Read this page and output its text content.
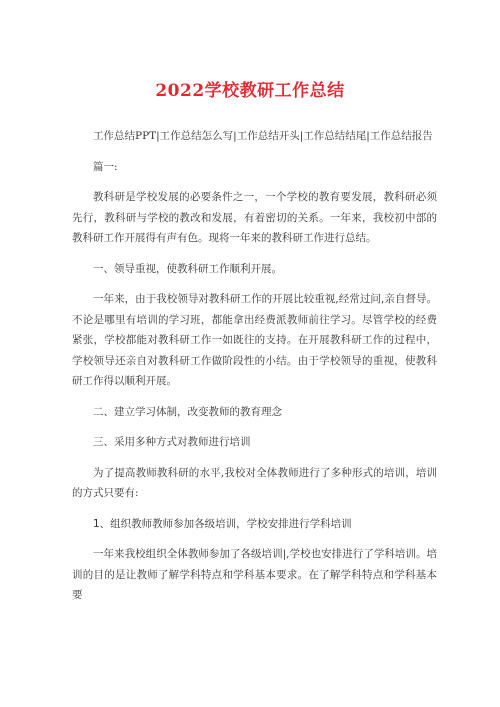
2022学校教研工作总结

工作总结PPT|工作总结怎么写|工作总结开头|工作总结结尾|工作总结报告

篇一:

教科研是学校发展的必要条件之一，一个学校的教育要发展，教科研必须先行，教科研与学校的教改和发展，有着密切的关系。一年来，我校初中部的教科研工作开展得有声有色。现将一年来的教科研工作进行总结。

一、领导重视，使教科研工作顺利开展。

一年来，由于我校领导对教科研工作的开展比较重视,经常过问,亲自督导。不论是哪里有培训的学习班，都能拿出经费派教师前往学习。尽管学校的经费紧张，学校都能对教科研工作一如既往的支持。在开展教科研工作的过程中，学校领导还亲自对教科研工作做阶段性的小结。由于学校领导的重视，使教科研工作得以顺利开展。

二、建立学习体制，改变教师的教育理念

三、采用多种方式对教师进行培训

为了提高教师教科研的水平,我校对全体教师进行了多种形式的培训，培训的方式只要有:

1、组织教师教师参加各级培训，学校安排进行学科培训

一年来我校组织全体教师参加了各级培训|,学校也安排进行了学科培训。培训的目的是让教师了解学科特点和学科基本要求。在了解学科特点和学科基本要
